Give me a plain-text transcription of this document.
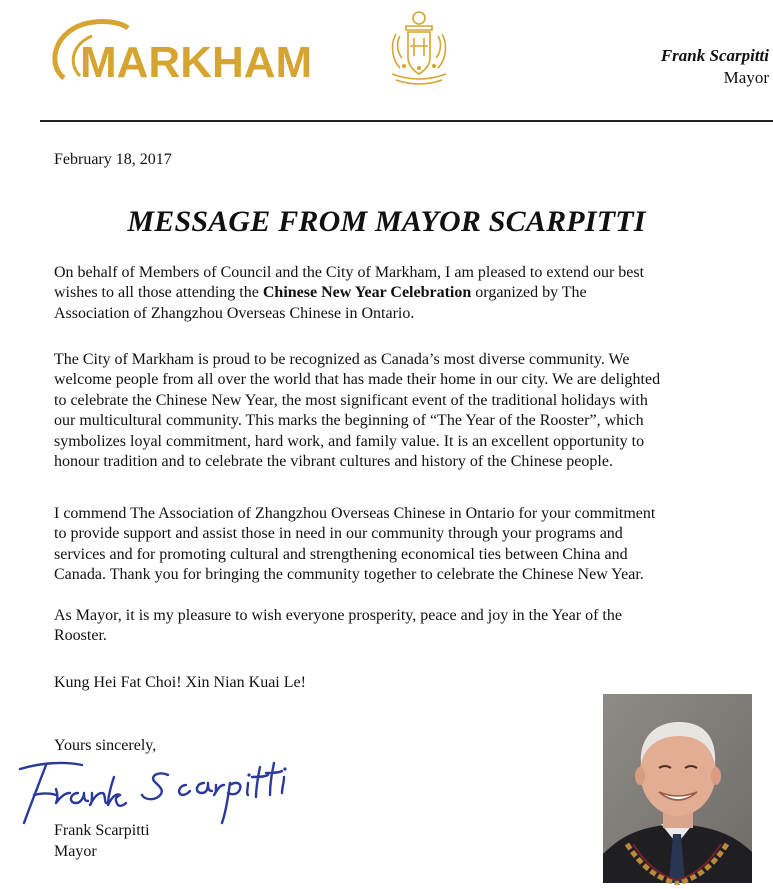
MARKHAM	Frank Scarpitti
Mayor
February 18, 2017
MESSAGE FROM MAYOR SCARPITTI

On behalf of Members of Council and the City of Markham, I am pleased to extend our best

wishes to all those attending the Chinese New Year Celebration organized by The

Association of Zhangzhou Overseas Chinese in Ontario.

The City of Markham is proud to be recognized as Canada’s most diverse community. We

welcome people from all over the world that has made their home in our city. We are delighted

to celebrate the Chinese New Year, the most significant event of the traditional holidays with

our multicultural community. This marks the beginning of “The Year of the Rooster”, which

symbolizes loyal commitment, hard work, and family value. It is an excellent opportunity to

honour tradition and to celebrate the vibrant cultures and history of the Chinese people.

I commend The Association of Zhangzhou Overseas Chinese in Ontario for your commitment

to provide support and assist those in need in our community through your programs and

services and for promoting cultural and strengthening economical ties between China and

Canada. Thank you for bringing the community together to celebrate the Chinese New Year.

As Mayor, it is my pleasure to wish everyone prosperity, peace and joy in the Year of the

Rooster.

Kung Hei Fat Choi! Xin Nian Kuai Le!

Yours sincerely,
Frank Scarpitti
Mayor
